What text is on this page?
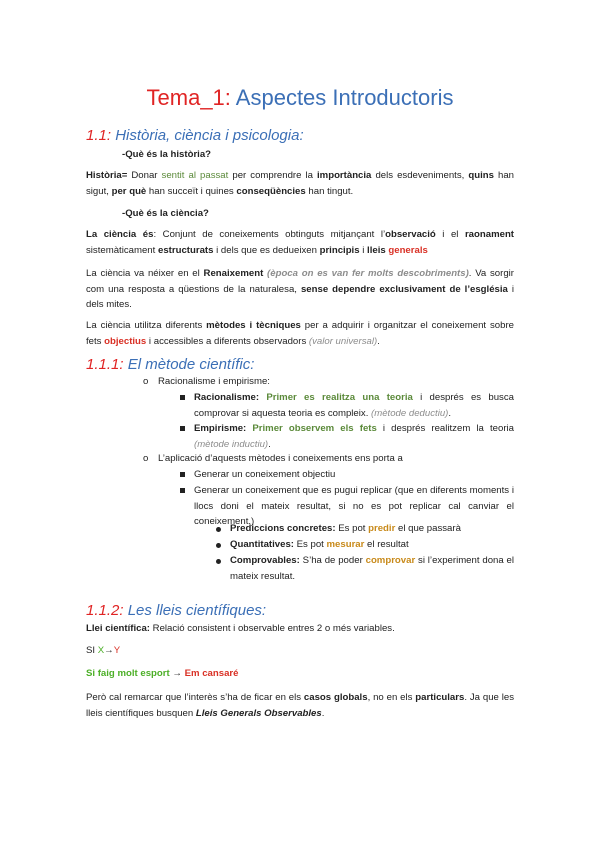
Tema_1: Aspectes Introductoris
1.1: Història, ciència i psicologia:
-Què és la història?
Història= Donar sentit al passat per comprendre la importància dels esdeveniments, quins han sigut, per què han succeït i quines conseqüències han tingut.
-Què és la ciència?
La ciència és: Conjunt de coneixements obtinguts mitjançant l’observació i el raonament sistemàticament estructurats i dels que es dedueixen principis i lleis generals
La ciència va néixer en el Renaixement (època on es van fer molts descobriments). Va sorgir com una resposta a qüestions de la naturalesa, sense dependre exclusivament de l’església i dels mites.
La ciència utilitza diferents mètodes i tècniques per a adquirir i organitzar el coneixement sobre fets objectius i accessibles a diferents observadors (valor universal).
1.1.1: El mètode científic:
o Racionalisme i empirisme:
Racionalisme: Primer es realitza una teoria i després es busca comprovar si aquesta teoria es compleix. (mètode deductiu).
Empirisme: Primer observem els fets i després realitzem la teoria (mètode inductiu).
o L’aplicació d’aquests mètodes i coneixements ens porta a
Generar un coneixement objectiu
Generar un coneixement que es pugui replicar (que en diferents moments i llocs doni el mateix resultat, si no es pot replicar cal canviar el coneixement.)
Prediccions concretes: Es pot predir el que passarà
Quantitatives: Es pot mesurar el resultat
Comprovables: S’ha de poder comprovar si l’experiment dona el mateix resultat.
1.1.2: Les lleis científiques:
Llei científica: Relació consistent i observable entres 2 o més variables.
SI X→Y
Si faig molt esport → Em cansaré
Però cal remarcar que l’interès s’ha de ficar en els casos globals, no en els particulars. Ja que les lleis científiques busquen Lleis Generals Observables.
